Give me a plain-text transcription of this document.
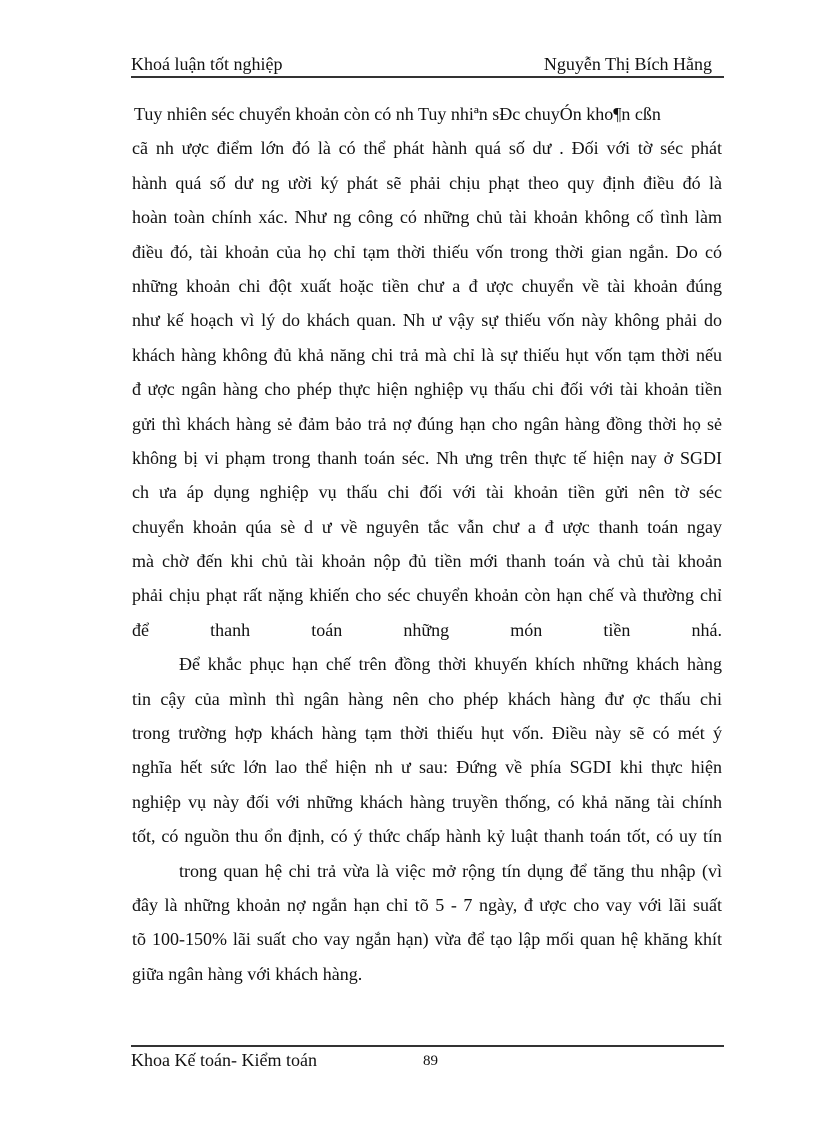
Khoá luận tốt nghiệp	Nguyễn Thị Bích Hằng
Tuy nhiên séc chuyển khoản còn có nh Tuy nhiªn sÐc chuyÓn kho¶n cßn
cã nh ược điểm lớn đó là có thể phát hành quá số dư . Đối với tờ séc phát
hành quá số dư ng ười ký phát sẽ phải chịu phạt theo quy định điều đó là
hoàn toàn chính xác. Như ng công có những chủ tài khoản không cố tình làm
điều đó, tài khoản của họ chỉ tạm thời thiếu vốn trong thời gian ngắn. Do có
những khoản chi đột xuất hoặc tiền chư a đ ược chuyển về tài khoản đúng
như kế hoạch vì lý do khách quan. Nh ư vậy sự thiếu vốn này không phải do
khách hàng không đủ khả năng chi trả mà chỉ là sự thiếu hụt vốn tạm thời nếu
đ ược ngân hàng cho phép thực hiện nghiệp vụ thấu chi đối với tài khoản tiền
gửi thì khách hàng sẻ đảm bảo trả nợ đúng hạn cho ngân hàng đồng thời họ sẻ
không bị vi phạm trong thanh toán séc. Nh ưng trên thực tế hiện nay ở SGDI
ch ưa áp dụng nghiệp vụ thấu chi đối với tài khoản tiền gửi nên tờ séc
chuyển khoản qúa sè d ư về nguyên tắc vẫn chư a đ ược thanh toán ngay
mà chờ đến khi chủ tài khoản nộp đủ tiền mới thanh toán và chủ tài khoản
phải chịu phạt rất nặng khiến cho séc chuyển khoản còn hạn chế và thường chỉ
để thanh toán những món tiền nhá.
Để khắc phục hạn chế trên đồng thời khuyến khích những khách hàng
tin cậy của mình thì ngân hàng nên cho phép khách hàng đư ợc thấu chi
trong trường hợp khách hàng tạm thời thiếu hụt vốn. Điều này sẽ có mét ý
nghĩa hết sức lớn lao thể hiện nh ư sau: Đứng về phía SGDI khi thực hiện
nghiệp vụ này đối với những khách hàng truyền thống, có khả năng tài chính
tốt, có nguồn thu ổn định, có ý thức chấp hành kỷ luật thanh toán tốt, có uy tín
trong quan hệ chi trả vừa là việc mở rộng tín dụng để tăng thu nhập (vì
đây là những khoản nợ ngắn hạn chỉ tõ 5 - 7 ngày, đ ược cho vay với lãi suất
tõ 100-150% lãi suất cho vay ngắn hạn) vừa để tạo lập mối quan hệ khăng khít
giữa ngân hàng với khách hàng.
Khoa Kế toán- Kiểm toán	89
